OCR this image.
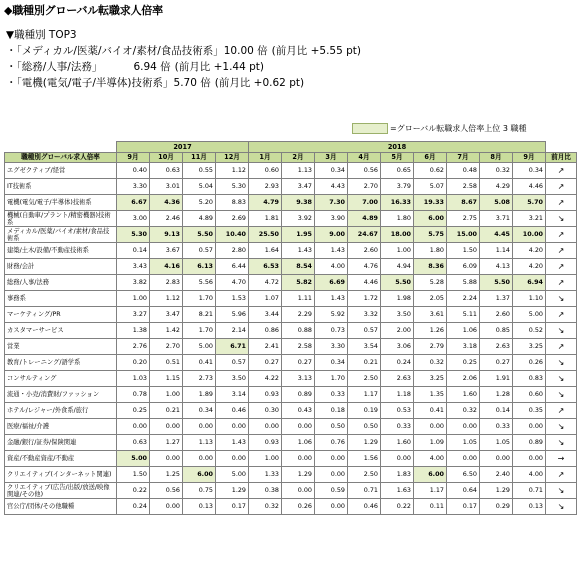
◆職種別グローバル転職求人倍率
▼職種別 TOP3
・「メディカル/医薬/バイオ/素材/食品技術系」 10.00 倍 (前月比 +5.55 pt)
・「総務/人事/法務」	6.94 倍 (前月比 +1.44 pt)
・「電機(電気/電子/半導体)技術系」 5.70 倍 (前月比 +0.62 pt)
=グローバル転職求人倍率上位 3 職種
	2017				2018									
職種別グローバル求人倍率	9月	10月	11月	12月	1月	2月	3月	4月	5月	6月	7月	8月	9月	前月比
エグゼクティブ/経営	0.40	0.63	0.55	1.12	0.60	1.13	0.34	0.56	0.65	0.62	0.48	0.32	0.34	↗
IT技術系	3.30	3.01	5.04	5.30	2.93	3.47	4.43	2.70	3.79	5.07	2.58	4.29	4.46	↗
電機(電気/電子/半導体)技術系	6.67	4.36	5.20	8.83	4.79	9.38	7.30	7.00	16.33	19.33	8.67	5.08	5.70	↗
機械(自動車/プラント/精密機器)技術系	3.00	2.46	4.89	2.69	1.81	3.92	3.90	4.89	1.80	6.00	2.75	3.71	3.21	↘
メディカル/医薬/バイオ/素材/食品技術系	5.30	9.13	5.50	10.40	25.50	1.95	9.00	24.67	18.00	5.75	15.00	4.45	10.00	↗
建築/土木/設備/不動産技術系	0.14	3.67	0.57	2.80	1.64	1.43	1.43	2.60	1.00	1.80	1.50	1.14	4.20	↗
財務/会計	3.43	4.16	6.13	6.44	6.53	8.54	4.00	4.76	4.94	8.36	6.09	4.13	4.20	↗
総務/人事/法務	3.82	2.83	5.56	4.70	4.72	5.82	6.69	4.46	5.50	5.28	5.88	5.50	6.94	↗
事務系	1.00	1.12	1.70	1.53	1.07	1.11	1.43	1.72	1.98	2.05	2.24	1.37	1.10	↘
マーケティング/PR	3.27	3.47	8.21	5.96	3.44	2.29	5.92	3.32	3.50	3.61	5.11	2.60	5.00	↗
カスタマーサービス	1.38	1.42	1.70	2.14	0.86	0.88	0.73	0.57	2.00	1.26	1.06	0.85	0.52	↘
営業	2.76	2.70	5.00	6.71	2.41	2.58	3.30	3.54	3.06	2.79	3.18	2.63	3.25	↗
教育/トレーニング/語学系	0.20	0.51	0.41	0.57	0.27	0.27	0.34	0.21	0.24	0.32	0.25	0.27	0.26	↘
コンサルティング	1.03	1.15	2.73	3.50	4.22	3.13	1.70	2.50	2.63	3.25	2.06	1.91	0.83	↘
流通・小売/消費財/ファッション	0.78	1.00	1.89	3.14	0.93	0.89	0.33	1.17	1.18	1.35	1.60	1.28	0.60	↘
ホテル/レジャー/外食系/旅行	0.25	0.21	0.34	0.46	0.30	0.43	0.18	0.19	0.53	0.41	0.32	0.14	0.35	↗
医療/福祉/介護	0.00	0.00	0.00	0.00	0.00	0.00	0.50	0.50	0.33	0.00	0.00	0.33	0.00	↘
金融/銀行/証券/保険関連	0.63	1.27	1.13	1.43	0.93	1.06	0.76	1.29	1.60	1.09	1.05	1.05	0.89	↘
資産/不動産資産/不動産	5.00	0.00	0.00	0.00	1.00	0.00	0.00	1.56	0.00	4.00	0.00	0.00	0.00	→
クリエイティブ(インターネット関連)	1.50	1.25	6.00	5.00	1.33	1.29	0.00	2.50	1.83	6.00	6.50	2.40	4.00	↗
クリエイティブ(広告/出版/放送/映像関連/その他)	0.22	0.56	0.75	1.29	0.38	0.00	0.59	0.71	1.63	1.17	0.64	1.29	0.71	↘
官公庁/団体/その他職種	0.24	0.00	0.13	0.17	0.32	0.26	0.00	0.46	0.22	0.11	0.17	0.29	0.13	↘
